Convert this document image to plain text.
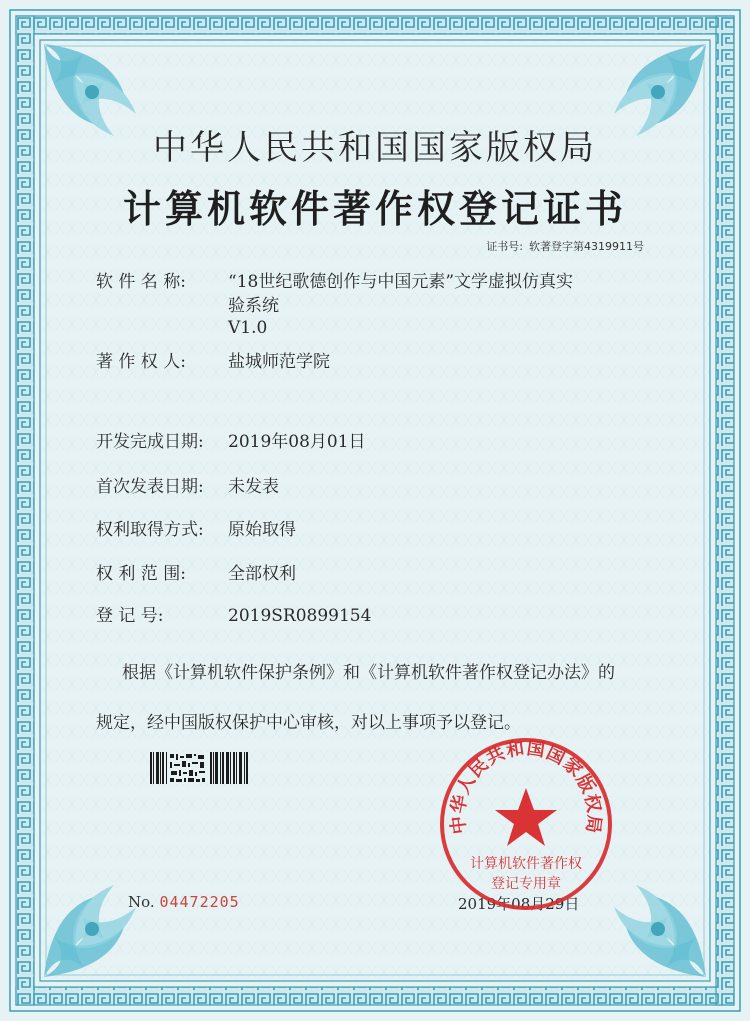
中华人民共和国国家版权局
计算机软件著作权登记证书
证书号: 软著登字第4319911号
软 件 名 称:	“18世纪歌德创作与中国元素”文学虚拟仿真实
验系统
V1.0
著 作 权 人:	盐城师范学院
开发完成日期:	2019年08月01日
首次发表日期:	未发表
权利取得方式:	原始取得
权 利 范 围:	全部权利
登 记 号:	2019SR0899154
根据《计算机软件保护条例》和《计算机软件著作权登记办法》的
规定，经中国版权保护中心审核，对以上事项予以登记。
No. 04472205	2019年08月29日
中华人民共和国国家版权局
计算机软件著作权
登记专用章
